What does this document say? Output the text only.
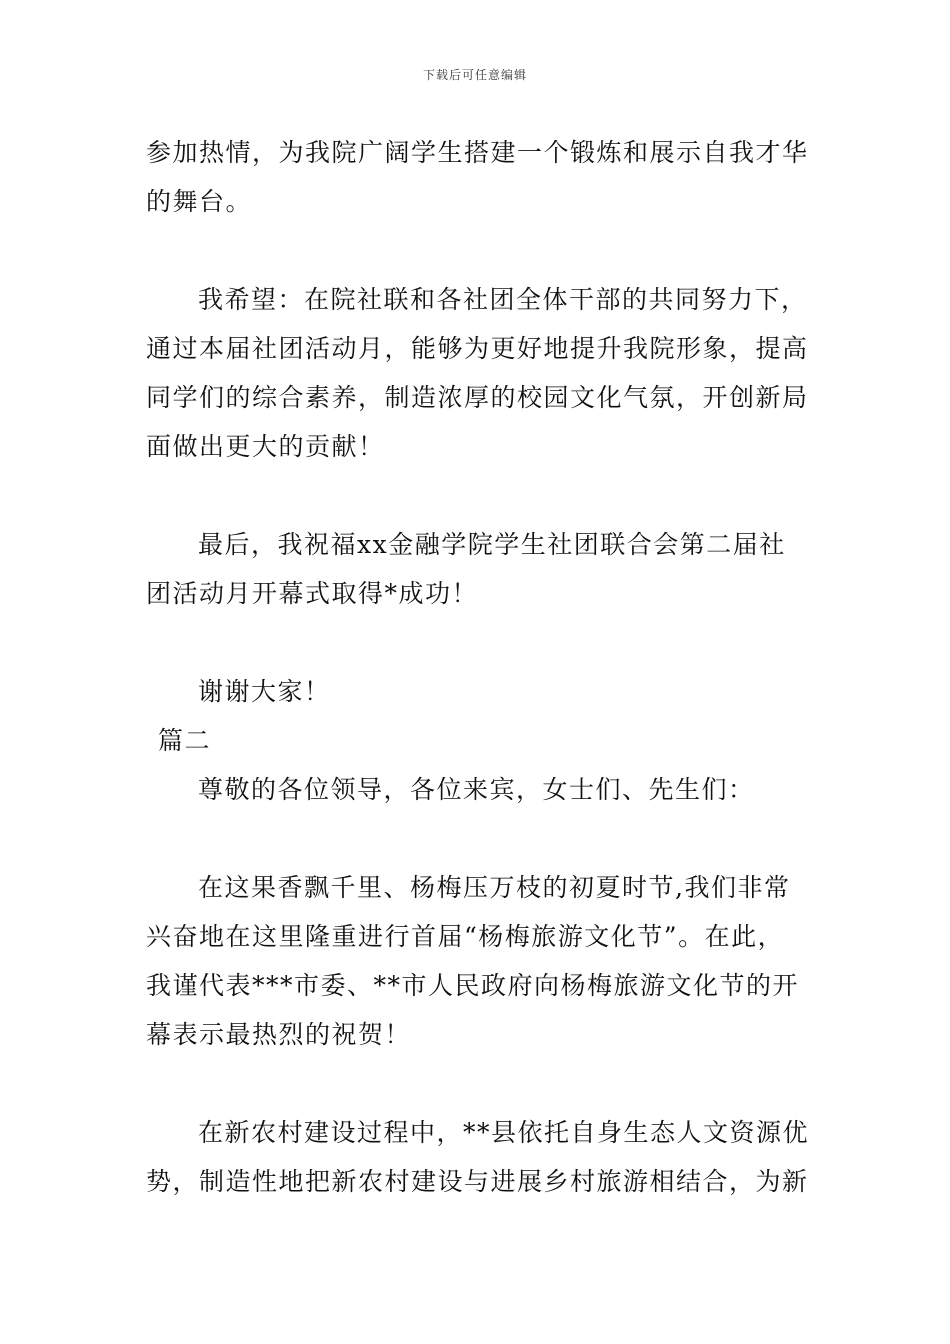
下载后可任意编辑

参加热情，为我院广阔学生搭建一个锻炼和展示自我才华的舞台。

我希望：在院社联和各社团全体干部的共同努力下，通过本届社团活动月，能够为更好地提升我院形象，提高同学们的综合素养，制造浓厚的校园文化气氛，开创新局面做出更大的贡献！

最后，我祝福xx金融学院学生社团联合会第二届社团活动月开幕式取得*成功！

谢谢大家！

篇二

尊敬的各位领导，各位来宾，女士们、先生们：

在这果香飘千里、杨梅压万枝的初夏时节,我们非常兴奋地在这里隆重进行首届“杨梅旅游文化节”。在此，我谨代表***市委、**市人民政府向杨梅旅游文化节的开幕表示最热烈的祝贺！

在新农村建设过程中，**县依托自身生态人文资源优势，制造性地把新农村建设与进展乡村旅游相结合，为新
